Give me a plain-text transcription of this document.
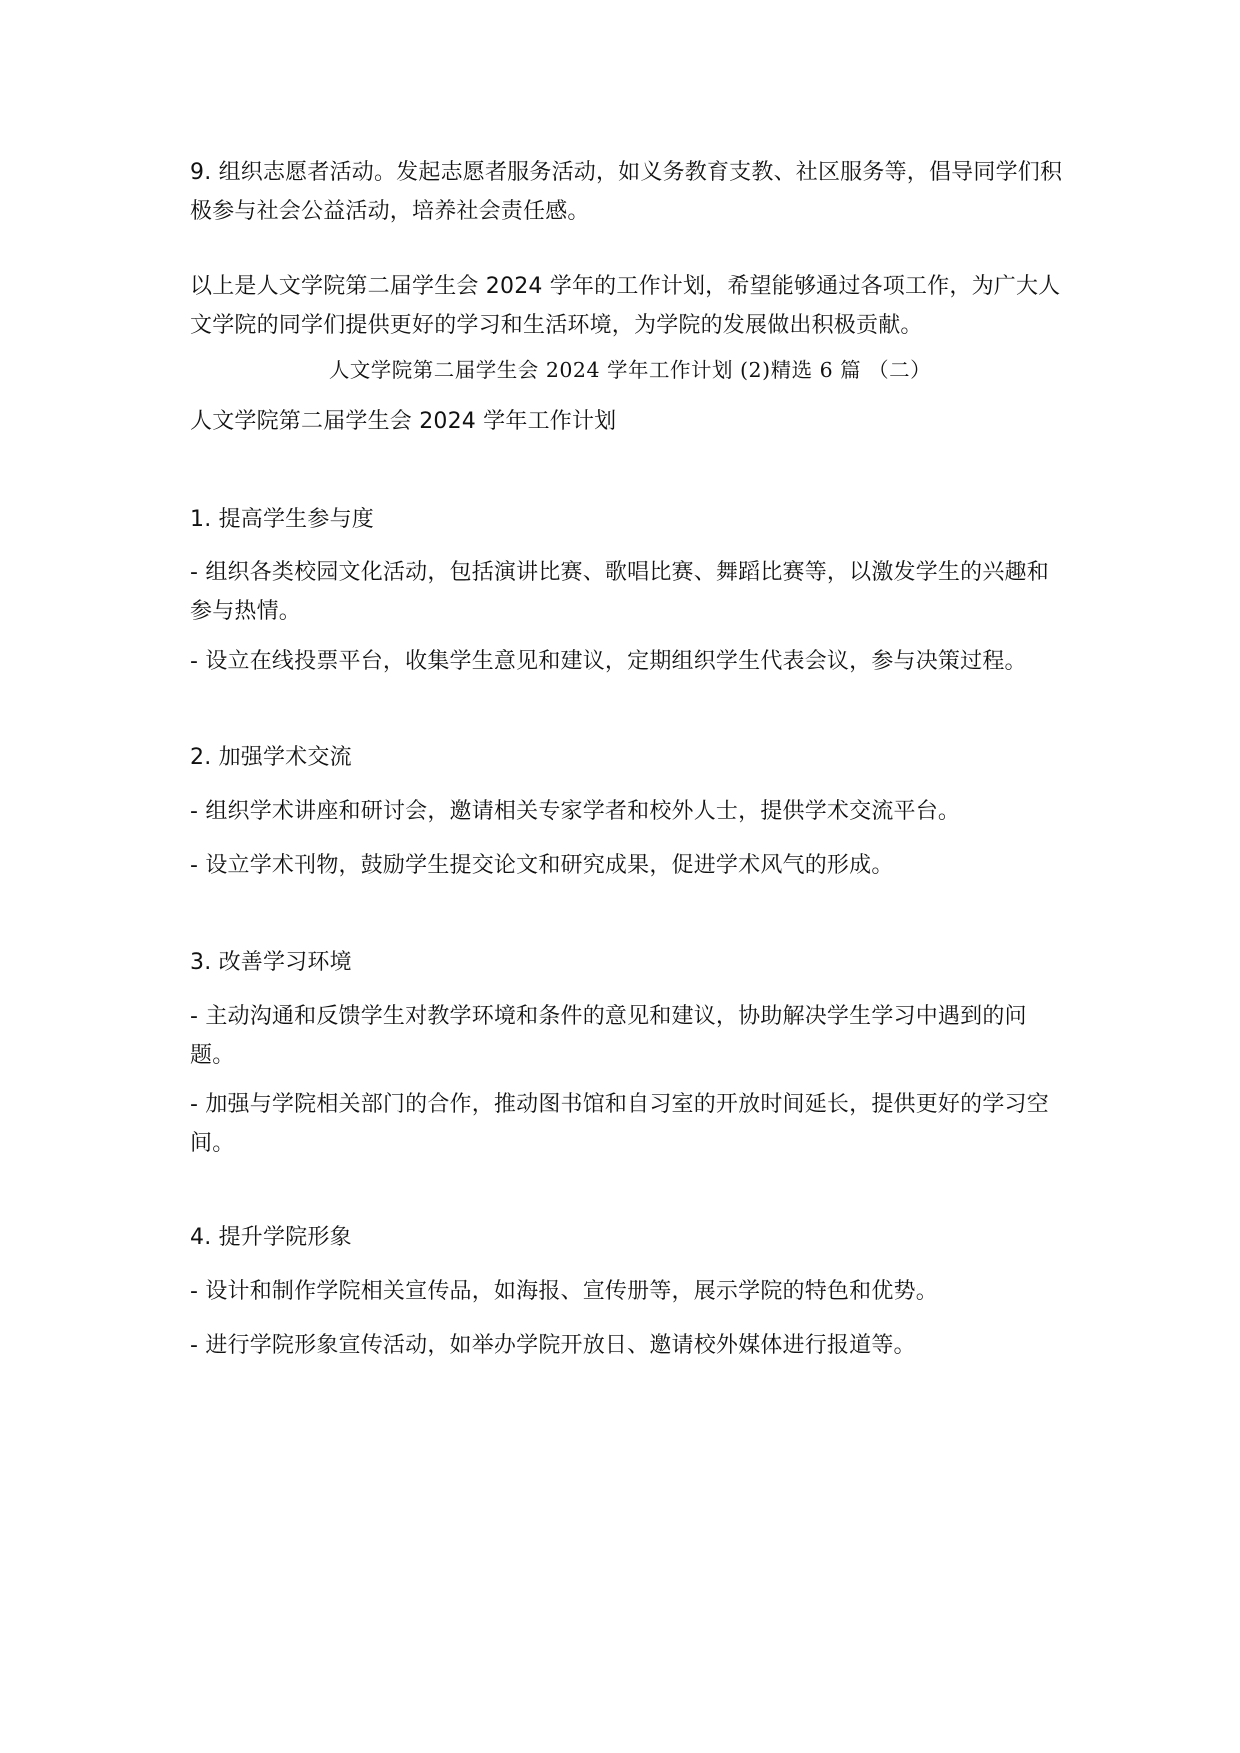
9. 组织志愿者活动。发起志愿者服务活动，如义务教育支教、社区服务等，倡导同学们积极参与社会公益活动，培养社会责任感。

以上是人文学院第二届学生会 2024 学年的工作计划，希望能够通过各项工作，为广大人文学院的同学们提供更好的学习和生活环境，为学院的发展做出积极贡献。

人文学院第二届学生会 2024 学年工作计划 (2)精选 6 篇 （二）

人文学院第二届学生会 2024 学年工作计划

1. 提高学生参与度

- 组织各类校园文化活动，包括演讲比赛、歌唱比赛、舞蹈比赛等，以激发学生的兴趣和参与热情。

- 设立在线投票平台，收集学生意见和建议，定期组织学生代表会议，参与决策过程。

2. 加强学术交流

- 组织学术讲座和研讨会，邀请相关专家学者和校外人士，提供学术交流平台。

- 设立学术刊物，鼓励学生提交论文和研究成果，促进学术风气的形成。

3. 改善学习环境

- 主动沟通和反馈学生对教学环境和条件的意见和建议，协助解决学生学习中遇到的问题。

- 加强与学院相关部门的合作，推动图书馆和自习室的开放时间延长，提供更好的学习空间。

4. 提升学院形象

- 设计和制作学院相关宣传品，如海报、宣传册等，展示学院的特色和优势。

- 进行学院形象宣传活动，如举办学院开放日、邀请校外媒体进行报道等。
